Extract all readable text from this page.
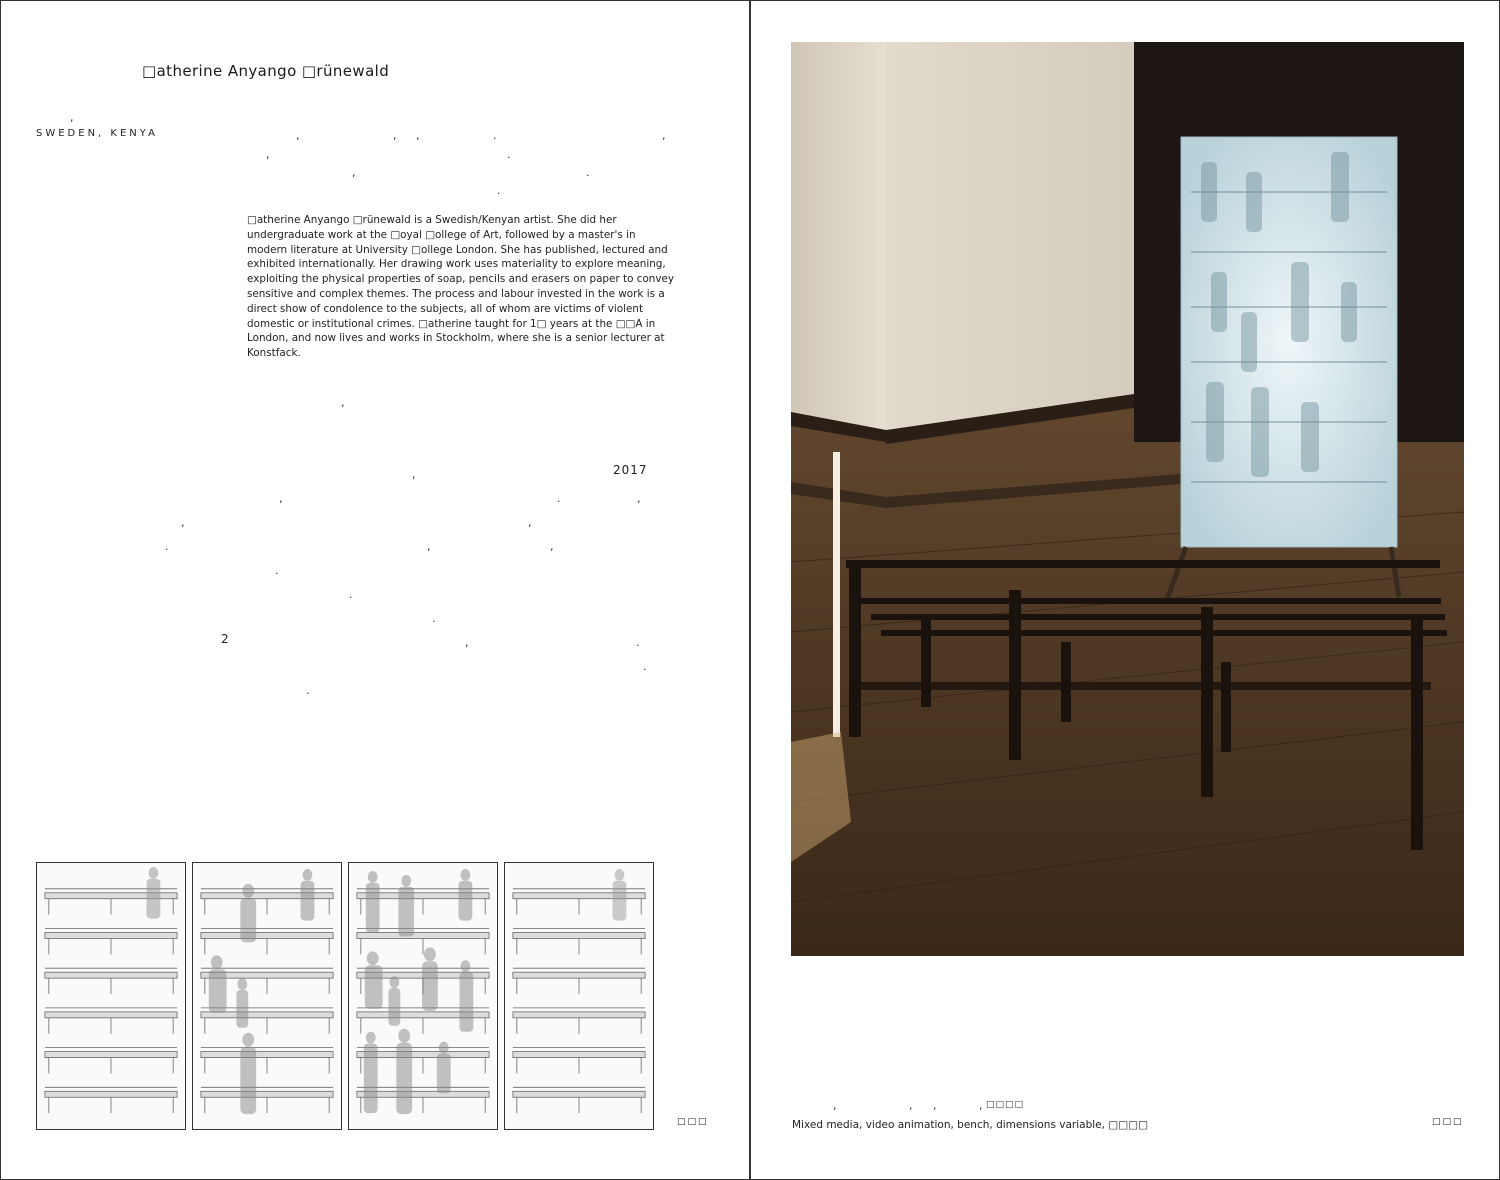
□atherine Anyango □rünewald
SWEDEN, KENYA

□atherine Anyango □rünewald is a Swedish/Kenyan artist. She did her undergraduate work at the □oyal □ollege of Art, followed by a master's in modern literature at University □ollege London. She has published, lectured and exhibited internationally. Her drawing work uses materiality to explore meaning, exploiting the physical properties of soap, pencils and erasers on paper to convey sensitive and complex themes. The process and labour invested in the work is a direct show of condolence to the subjects, all of whom are victims of violent domestic or institutional crimes. □atherine taught for 1□ years at the □□A in London, and now lives and works in Stockholm, where she is a senior lecturer at Konstfack.

2017
2
,
,	, ,	.	,
,	.
,	.
.
,
,
,	.	,
,	,
.	,	,
.
.
.
,	.
.
.
□□□
□□□□
,	, ,	,
Mixed media, video animation, bench, dimensions variable, □□□□	□□□
